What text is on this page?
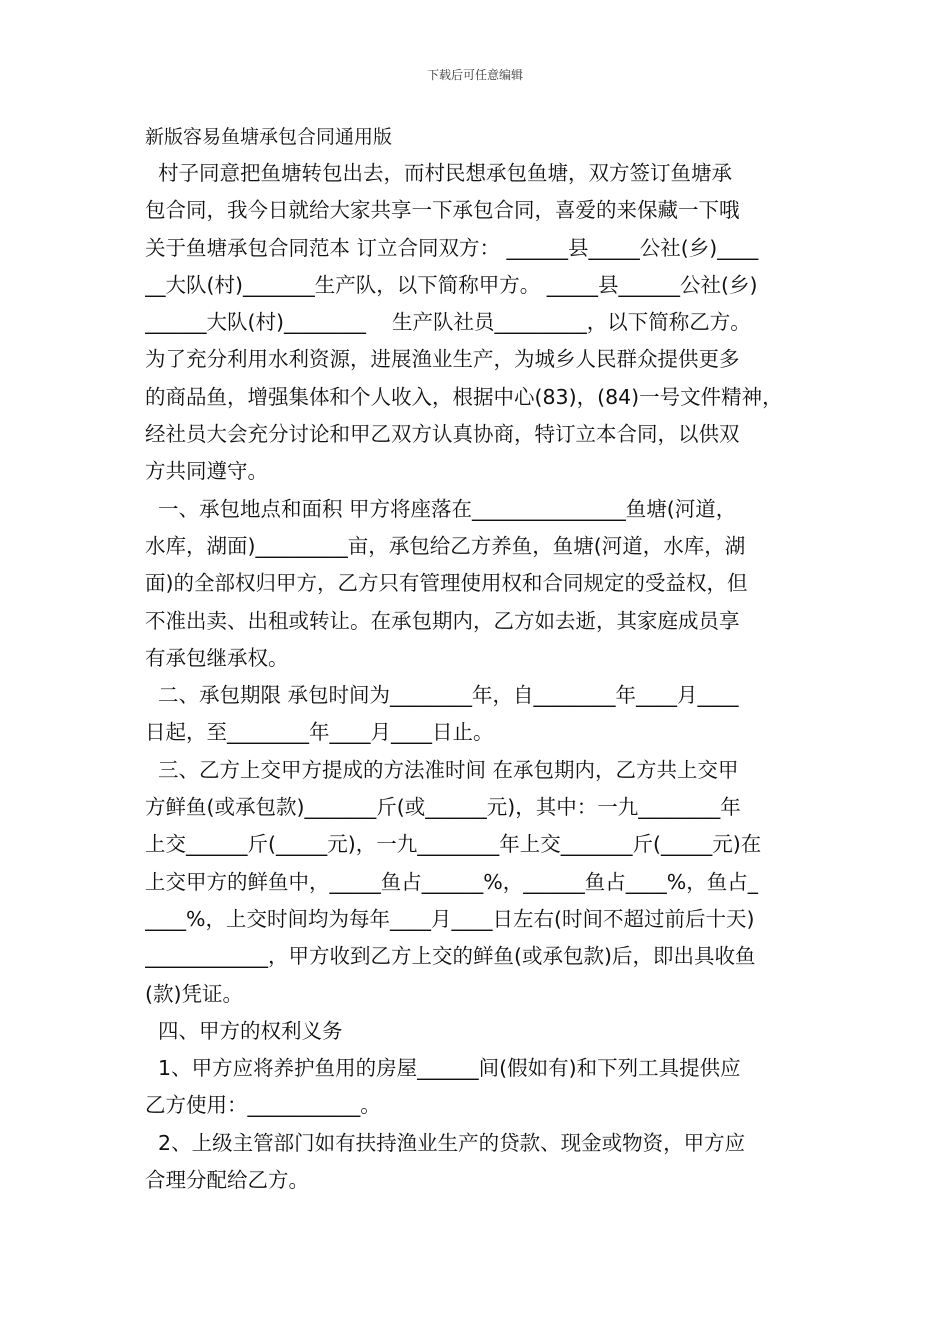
下载后可任意编辑
新版容易鱼塘承包合同通用版
村子同意把鱼塘转包出去，而村民想承包鱼塘，双方签订鱼塘承
包合同，我今日就给大家共享一下承包合同，喜爱的来保藏一下哦
关于鱼塘承包合同范本 订立合同双方： ______县_____公社(乡)____
__大队(村)_______生产队，以下简称甲方。 _____县______公社(乡)
______大队(村)________    生产队社员_________，以下简称乙方。
为了充分利用水利资源，进展渔业生产，为城乡人民群众提供更多
的商品鱼，增强集体和个人收入，根据中心(83)，(84)一号文件精神，
经社员大会充分讨论和甲乙双方认真协商，特订立本合同，以供双
方共同遵守。
一、承包地点和面积 甲方将座落在_______________鱼塘(河道，
水库，湖面)_________亩，承包给乙方养鱼，鱼塘(河道，水库，湖
面)的全部权归甲方，乙方只有管理使用权和合同规定的受益权，但
不准出卖、出租或转让。在承包期内，乙方如去逝，其家庭成员享
有承包继承权。
二、承包期限 承包时间为________年，自________年____月____
日起，至________年____月____日止。
三、乙方上交甲方提成的方法准时间 在承包期内，乙方共上交甲
方鲜鱼(或承包款)_______斤(或______元)，其中：一九________年
上交______斤(_____元)，一九________年上交_______斤(_____元)在
上交甲方的鲜鱼中，_____鱼占______%，______鱼占____%，鱼占_
____%，上交时间均为每年____月____日左右(时间不超过前后十天)
____________，甲方收到乙方上交的鲜鱼(或承包款)后，即出具收鱼
(款)凭证。
四、甲方的权利义务
1、甲方应将养护鱼用的房屋______间(假如有)和下列工具提供应
乙方使用：___________。
2、上级主管部门如有扶持渔业生产的贷款、现金或物资，甲方应
合理分配给乙方。
